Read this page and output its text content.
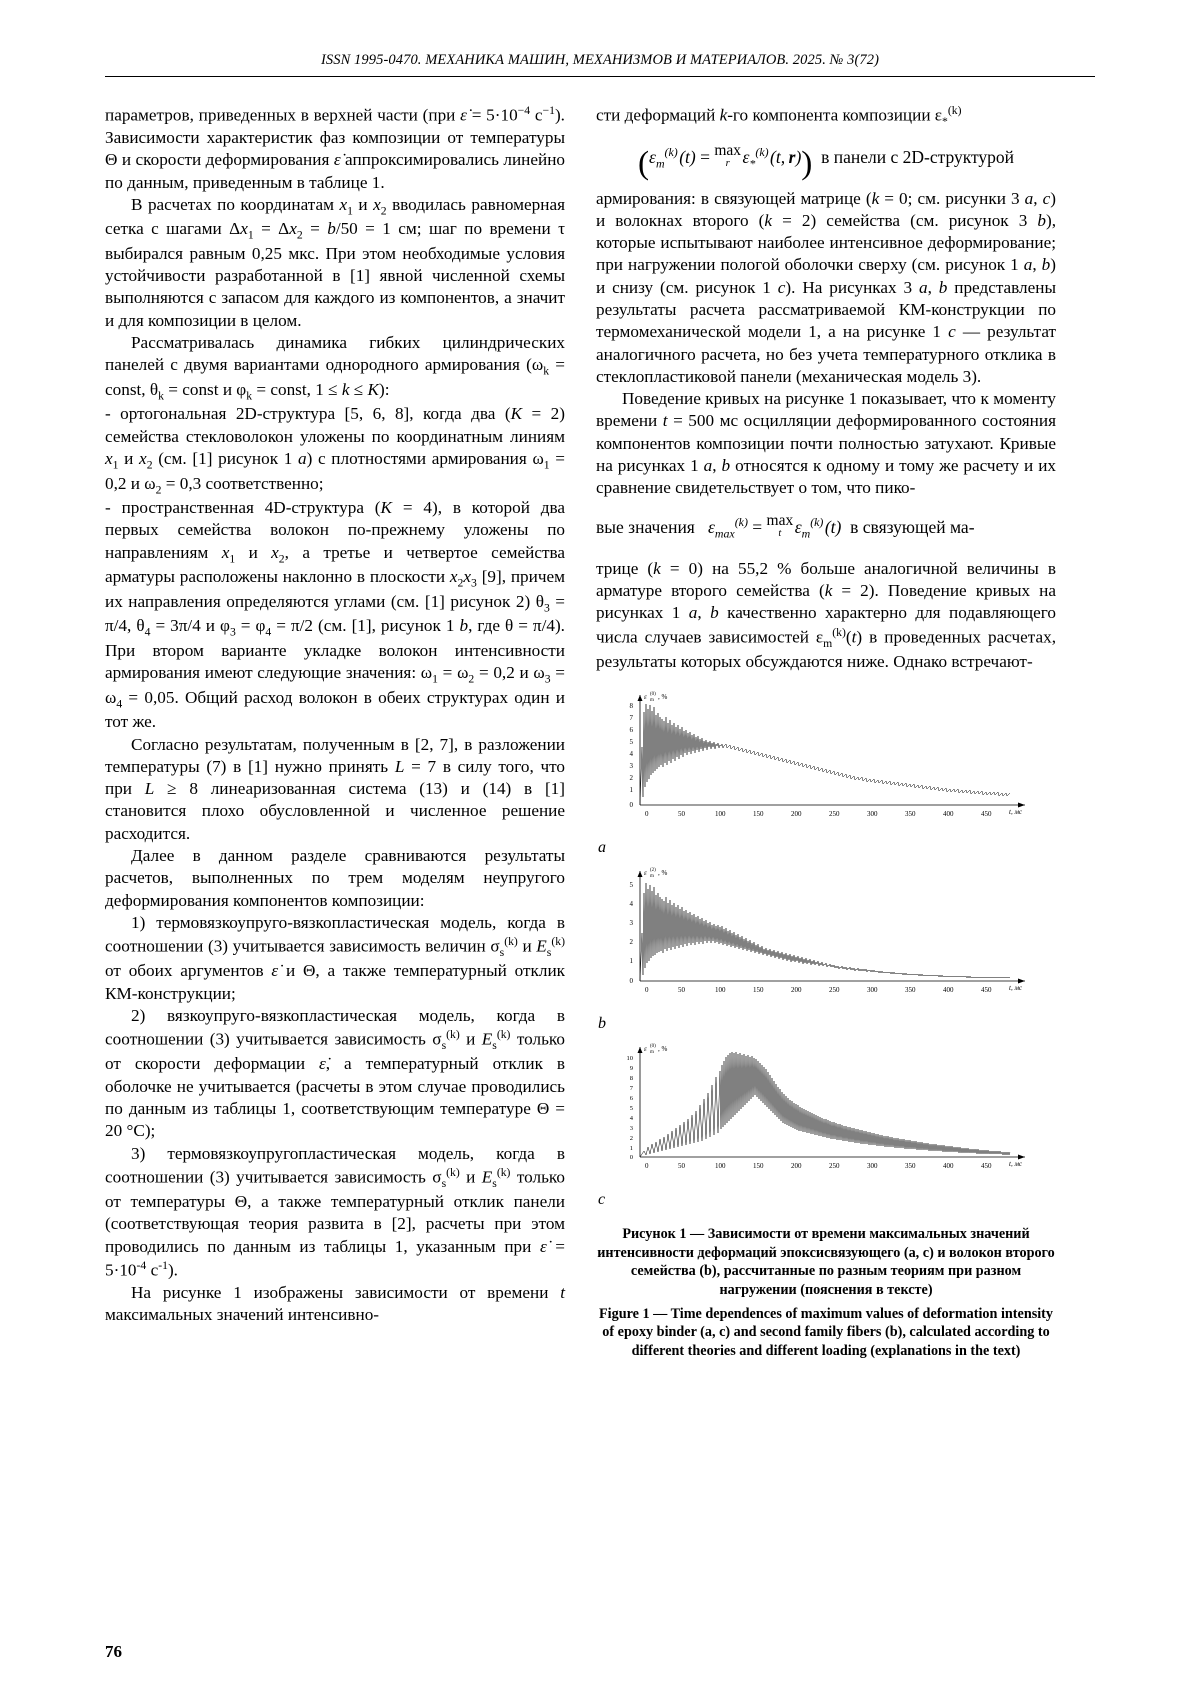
ISSN 1995-0470. МЕХАНИКА МАШИН, МЕХАНИЗМОВ И МАТЕРИАЛОВ. 2025. № 3(72)

параметров, приведенных в верхней части (при ε̇ = $5\cdot 10^{-4}$ $с^{-1}$). Зависимости характеристик фаз композиции от температуры Θ и скорости деформирования ε̇ аппроксимировались линейно по данным, приведенным в таблице 1.

В расчетах по координатам $x_1$ и $x_2$ вводилась равномерная сетка с шагами $\Delta x_1 = \Delta x_2 = b/50 = 1$ см; шаг по времени τ выбирался равным 0,25 мкс. При этом необходимые условия устойчивости разработанной в [1] явной численной схемы выполняются с запасом для каждого из компонентов, а значит и для композиции в целом.

Рассматривалась динамика гибких цилиндрических панелей с двумя вариантами однородного армирования ($\omega_k$ = const, $\theta_k$ = const и $\varphi_k$ = const, 1 ≤ k ≤ K):

- ортогональная 2D-структура [5, 6, 8], когда два (K = 2) семейства стекловолокон уложены по координатным линиям $x_1$ и $x_2$ (см. [1] рисунок 1 a) с плотностями армирования $\omega_1 = 0,2$ и $\omega_2 = 0,3$ соответственно;

- пространственная 4D-структура (K = 4), в которой два первых семейства волокон по-прежнему уложены по направлениям $x_1$ и $x_2$, а третье и четвертое семейства арматуры расположены наклонно в плоскости $x_2x_3$ [9], причем их направления определяются углами (см. [1] рисунок 2) $\theta_3 = \pi/4$, $\theta_4 = 3\pi/4$ и $\varphi_3 = \varphi_4 = \pi/2$ (см. [1], рисунок 1 b, где θ = π/4). При втором варианте укладке волокон интенсивности армирования имеют следующие значения: $\omega_1 = \omega_2 = 0,2$ и $\omega_3 = \omega_4 = 0,05$. Общий расход волокон в обеих структурах один и тот же.

Согласно результатам, полученным в [2, 7], в разложении температуры (7) в [1] нужно принять L = 7 в силу того, что при L ≥ 8 линеаризованная система (13) и (14) в [1] становится плохо обусловленной и численное решение расходится.

Далее в данном разделе сравниваются результаты расчетов, выполненных по трем моделям неупругого деформирования компонентов композиции:

1) термовязкоупруго-вязкопластическая модель, когда в соотношении (3) учитывается зависимость величин $\sigma_s^{(k)}$ и $E_s^{(k)}$ от обоих аргументов ε̇ и Θ, а также температурный отклик КМ-конструкции;

2) вязкоупруго-вязкопластическая модель, когда в соотношении (3) учитывается зависимость $\sigma_s^{(k)}$ и $E_s^{(k)}$ только от скорости деформации ε̇, а температурный отклик в оболочке не учитывается (расчеты в этом случае проводились по данным из таблицы 1, соответствующим температуре Θ = 20 °C);

3) термовязкоупругопластическая модель, когда в соотношении (3) учитывается зависимость $\sigma_s^{(k)}$ и $E_s^{(k)}$ только от температуры Θ, а также температурный отклик панели (соответствующая теория развита в [2], расчеты при этом проводились по данным из таблицы 1, указанным при ε̇ = $5\cdot 10^{-4}$ $с^{-1}$).

На рисунке 1 изображены зависимости от времени t максимальных значений интенсивно-

сти деформаций k-го компонента композиции $\varepsilon_*^{(k)}$

($\varepsilon_m^{(k)}$ (t) = max
r
  $\varepsilon_*^{(k)}$ (t, r))  в панели с 2D-структурой

армирования: в связующей матрице (k = 0; см. рисунки 3 a, c) и волокнах второго (k = 2) семейства (см. рисунок 3 b), которые испытывают наиболее интенсивное деформирование; при нагружении пологой оболочки сверху (см. рисунок 1 a, b) и снизу (см. рисунок 1 c). На рисунках 3 a, b представлены результаты расчета рассматриваемой КМ-конструкции по термомеханической модели 1, а на рисунке 1 c — результат аналогичного расчета, но без учета температурного отклика в стеклопластиковой панели (механическая модель 3).

Поведение кривых на рисунке 1 показывает, что к моменту времени t = 500 мс осцилляции деформированного состояния компонентов композиции почти полностью затухают. Кривые на рисунках 1 a, b относятся к одному и тому же расчету и их сравнение свидетельствует о том, что пико-

вые значения   $\varepsilon_{max}^{(k)} = \max$
t
  $\varepsilon_m^{(k)}$ (t)  в связующей ма-

трице (k = 0) на 55,2 % больше аналогичной величины в арматуре второго семейства (k = 2). Поведение кривых на рисунках 1 a, b качественно характерно для подавляющего числа случаев зависимостей $\varepsilon_m^{(k)}(t)$ в проведенных расчетах, результаты которых обсуждаются ниже. Однако встречают-

8
7
6
5
4
3
2
1
0
0	50	100	150	200	250	300	350	400	450	t, мс
ε m
(0) , %
a
5
4
3
2
1
0
0	50	100	150	200	250	300	350	400	450	t, мс
ε m
(2) , %
b
10
9
8
7
6
5
4
3
2
1
0
0	50	100	150	200	250	300	350	400	450	t, мс
ε m
(0) , %
c
Рисунок 1 — Зависимости от времени максимальных значений интенсивности деформаций эпоксисвязующего (a, c) и волокон второго семейства (b), рассчитанные по разным теориям при разном нагружении (пояснения в тексте)
Figure 1 — Time dependences of maximum values of deformation intensity of epoxy binder (a, c) and second family fibers (b), calculated according to different theories and different loading (explanations in the text)
76
